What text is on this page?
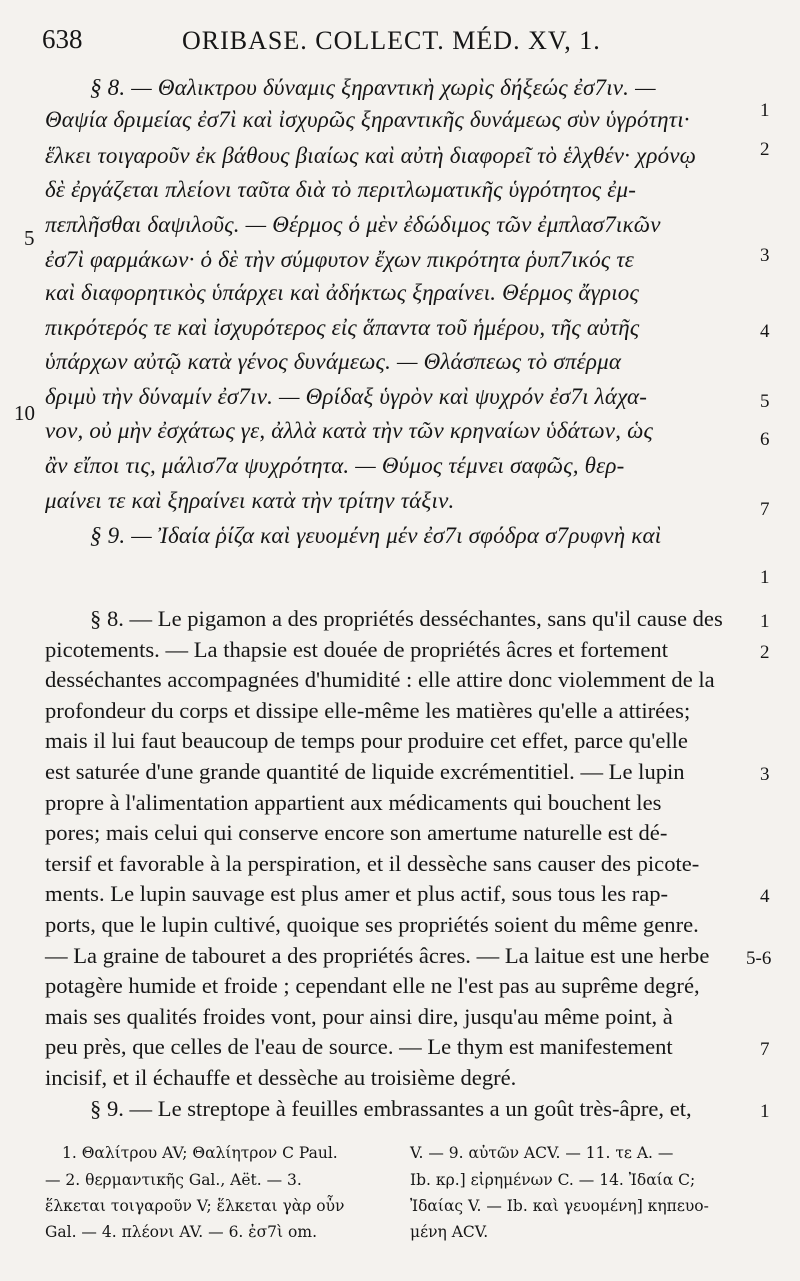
638	ORIBASE. COLLECT. MÉD. XV, 1.
§ 8. — Θαλικτρου δύναμις ξηραντικὴ χωρὶς δήξεώς ἐσ7ιν. —
Θαψία δριμείας ἐσ7ὶ καὶ ἰσχυρῶς ξηραντικῆς δυνάμεως σὺν ὑγρότητι·
ἕλκει τοιγαροῦν ἐκ βάθους βιαίως καὶ αὐτὴ διαφορεῖ τὸ ἑλχθέν· χρόνῳ
δὲ ἐργάζεται πλείονι ταῦτα διὰ τὸ περιτλωματικῆς ὑγρότητος ἐμ-
πεπλῆσθαι δαψιλοῦς. — Θέρμος ὁ μὲν ἐδώδιμος τῶν ἐμπλασ7ικῶν
ἐσ7ὶ φαρμάκων· ὁ δὲ τὴν σύμφυτον ἔχων πικρότητα ῥυπ7ικός τε
καὶ διαφορητικὸς ὑπάρχει καὶ ἀδήκτως ξηραίνει. Θέρμος ἄγριος
πικρότερός τε καὶ ἰσχυρότερος εἰς ἅπαντα τοῦ ἡμέρου, τῆς αὐτῆς
ὑπάρχων αὐτῷ κατὰ γένος δυνάμεως. — Θλάσπεως τὸ σπέρμα
δριμὺ τὴν δύναμίν ἐσ7ιν. — Θρίδαξ ὑγρὸν καὶ ψυχρόν ἐσ7ι λάχα-
νον, οὐ μὴν ἐσχάτως γε, ἀλλὰ κατὰ τὴν τῶν κρηναίων ὑδάτων, ὡς
ἂν εἴποι τις, μάλισ7α ψυχρότητα. — Θύμος τέμνει σαφῶς, θερ-
μαίνει τε καὶ ξηραίνει κατὰ τὴν τρίτην τάξιν.
§ 9. — Ἰδαία ῥίζα καὶ γευομένη μέν ἐσ7ι σφόδρα σ7ρυφνὴ καὶ
5
10
1
2
3
4
5
6
7
1
§ 8. — Le pigamon a des propriétés desséchantes, sans qu'il cause des
picotements. — La thapsie est douée de propriétés âcres et fortement
desséchantes accompagnées d'humidité : elle attire donc violemment de la
profondeur du corps et dissipe elle-même les matières qu'elle a attirées;
mais il lui faut beaucoup de temps pour produire cet effet, parce qu'elle
est saturée d'une grande quantité de liquide excrémentitiel. — Le lupin
propre à l'alimentation appartient aux médicaments qui bouchent les
pores; mais celui qui conserve encore son amertume naturelle est dé-
tersif et favorable à la perspiration, et il dessèche sans causer des picote-
ments. Le lupin sauvage est plus amer et plus actif, sous tous les rap-
ports, que le lupin cultivé, quoique ses propriétés soient du même genre.
— La graine de tabouret a des propriétés âcres. — La laitue est une herbe
potagère humide et froide ; cependant elle ne l'est pas au suprême degré,
mais ses qualités froides vont, pour ainsi dire, jusqu'au même point, à
peu près, que celles de l'eau de source. — Le thym est manifestement
incisif, et il échauffe et dessèche au troisième degré.
§ 9. — Le streptope à feuilles embrassantes a un goût très-âpre, et,
1
2
3
4
5-6
7
1
1. Θαλίτρου AV; Θαλίητρον C Paul.
— 2. θερμαντικῆς Gal., Aët. — 3.
ἕλκεται τοιγαροῦν V; ἕλκεται γὰρ οὖν
Gal. — 4. πλέονι AV. — 6. ἐσ7ὶ om.
V. — 9. αὐτῶν ACV. — 11. τε A. —
Ib. κρ.] εἰρημένων C. — 14. Ἰδαία C;
Ἰδαίας V. — Ib. καὶ γευομένη] κηπευο-
μένη ACV.
